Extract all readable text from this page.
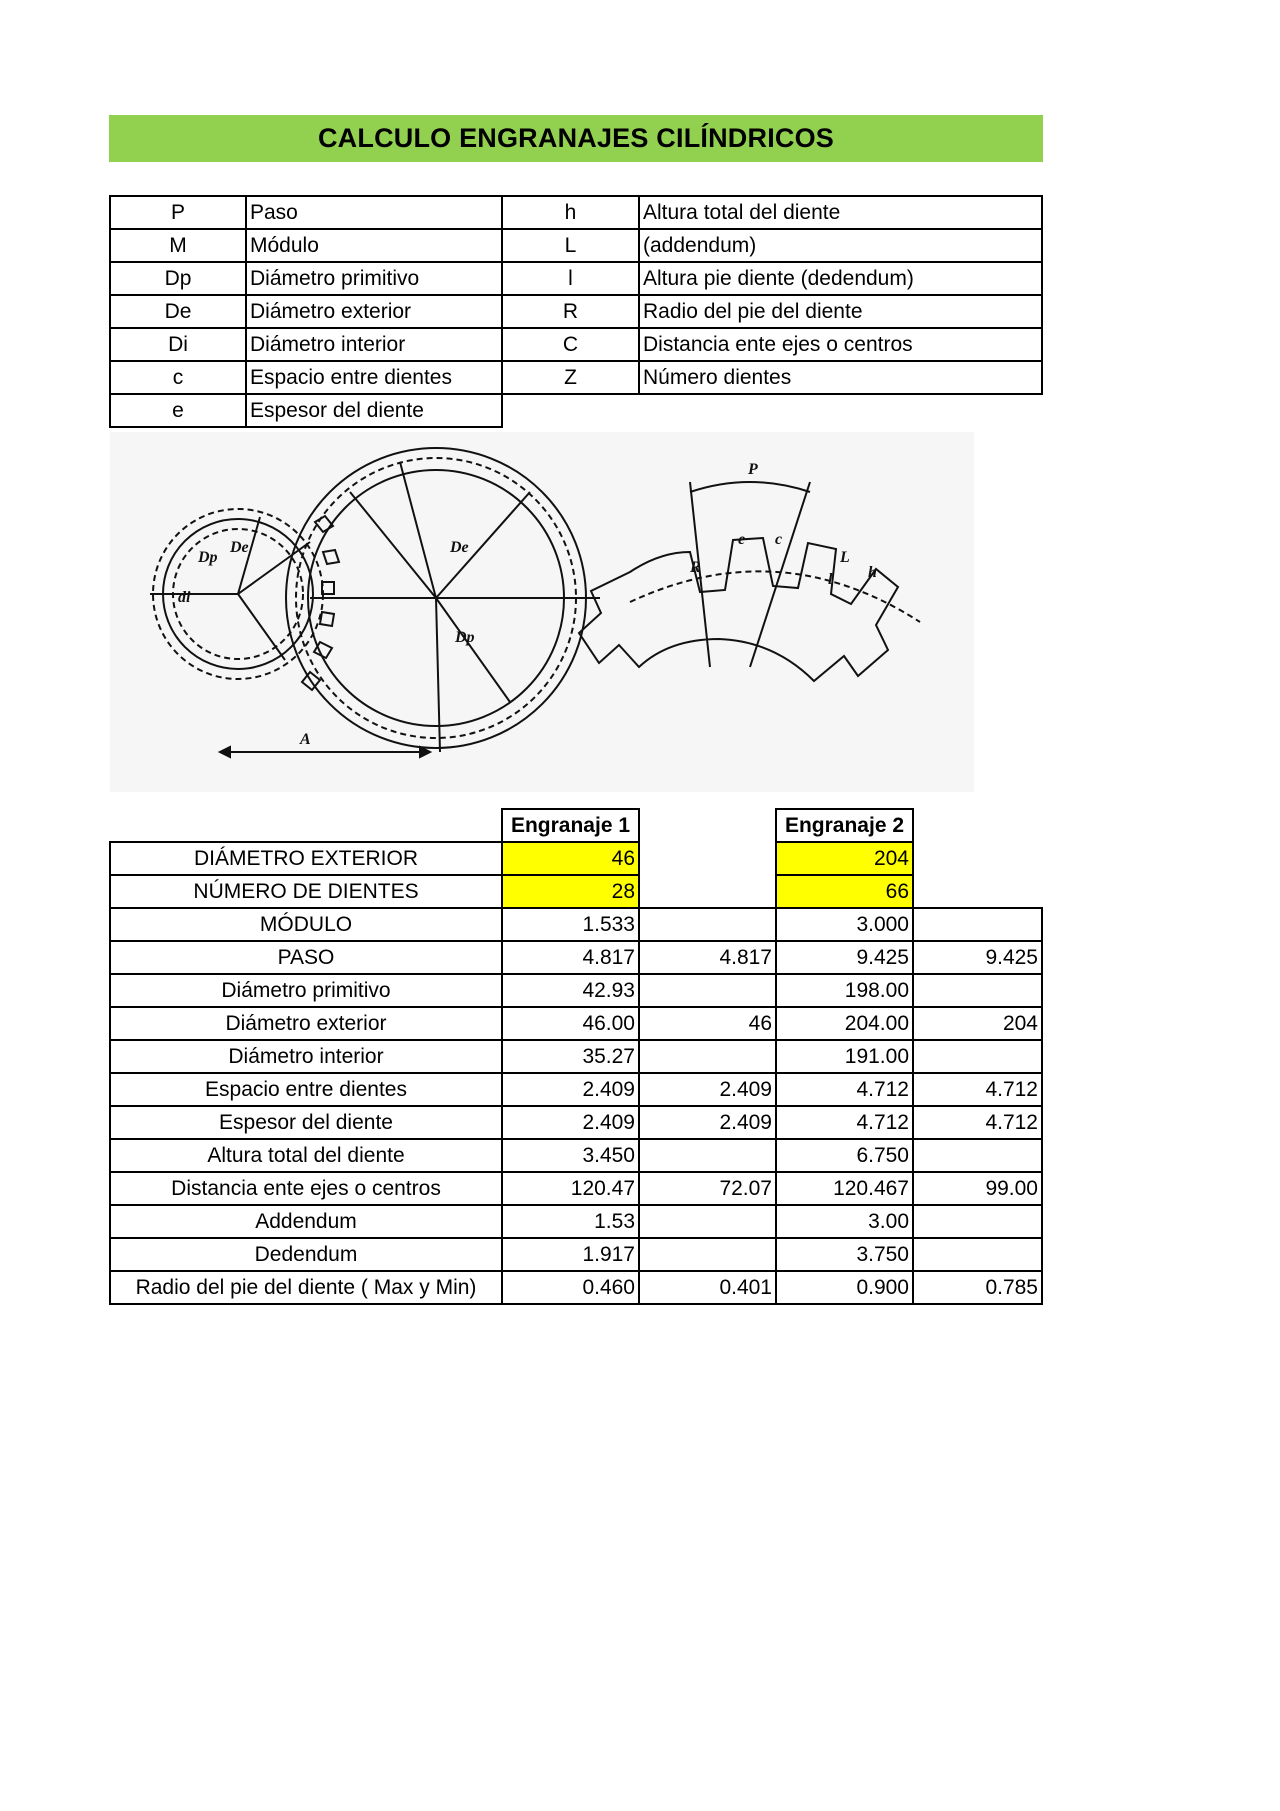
CALCULO ENGRANAJES CILÍNDRICOS
P	Paso	h	Altura total del diente
M	Módulo	L	(addendum)
Dp	Diámetro primitivo	l	Altura pie diente (dedendum)
De	Diámetro exterior	R	Radio del pie del diente
Di	Diámetro interior	C	Distancia ente ejes o centros
c	Espacio entre dientes	Z	Número dientes
e	Espesor del diente		
Dp
De
di
De
Dp
A
P
e c
R
L
l h
	Engranaje 1		Engranaje 2	
DIÁMETRO EXTERIOR	46		204	
NÚMERO DE DIENTES	28		66	
MÓDULO	1.533		3.000	
PASO	4.817	4.817	9.425	9.425
Diámetro primitivo	42.93		198.00	
Diámetro exterior	46.00	46	204.00	204
Diámetro interior	35.27		191.00	
Espacio entre dientes	2.409	2.409	4.712	4.712
Espesor del diente	2.409	2.409	4.712	4.712
Altura total del diente	3.450		6.750	
Distancia ente ejes o centros	120.47	72.07	120.467	99.00
Addendum	1.53		3.00	
Dedendum	1.917		3.750	
Radio del pie del diente ( Max y Min)	0.460	0.401	0.900	0.785
